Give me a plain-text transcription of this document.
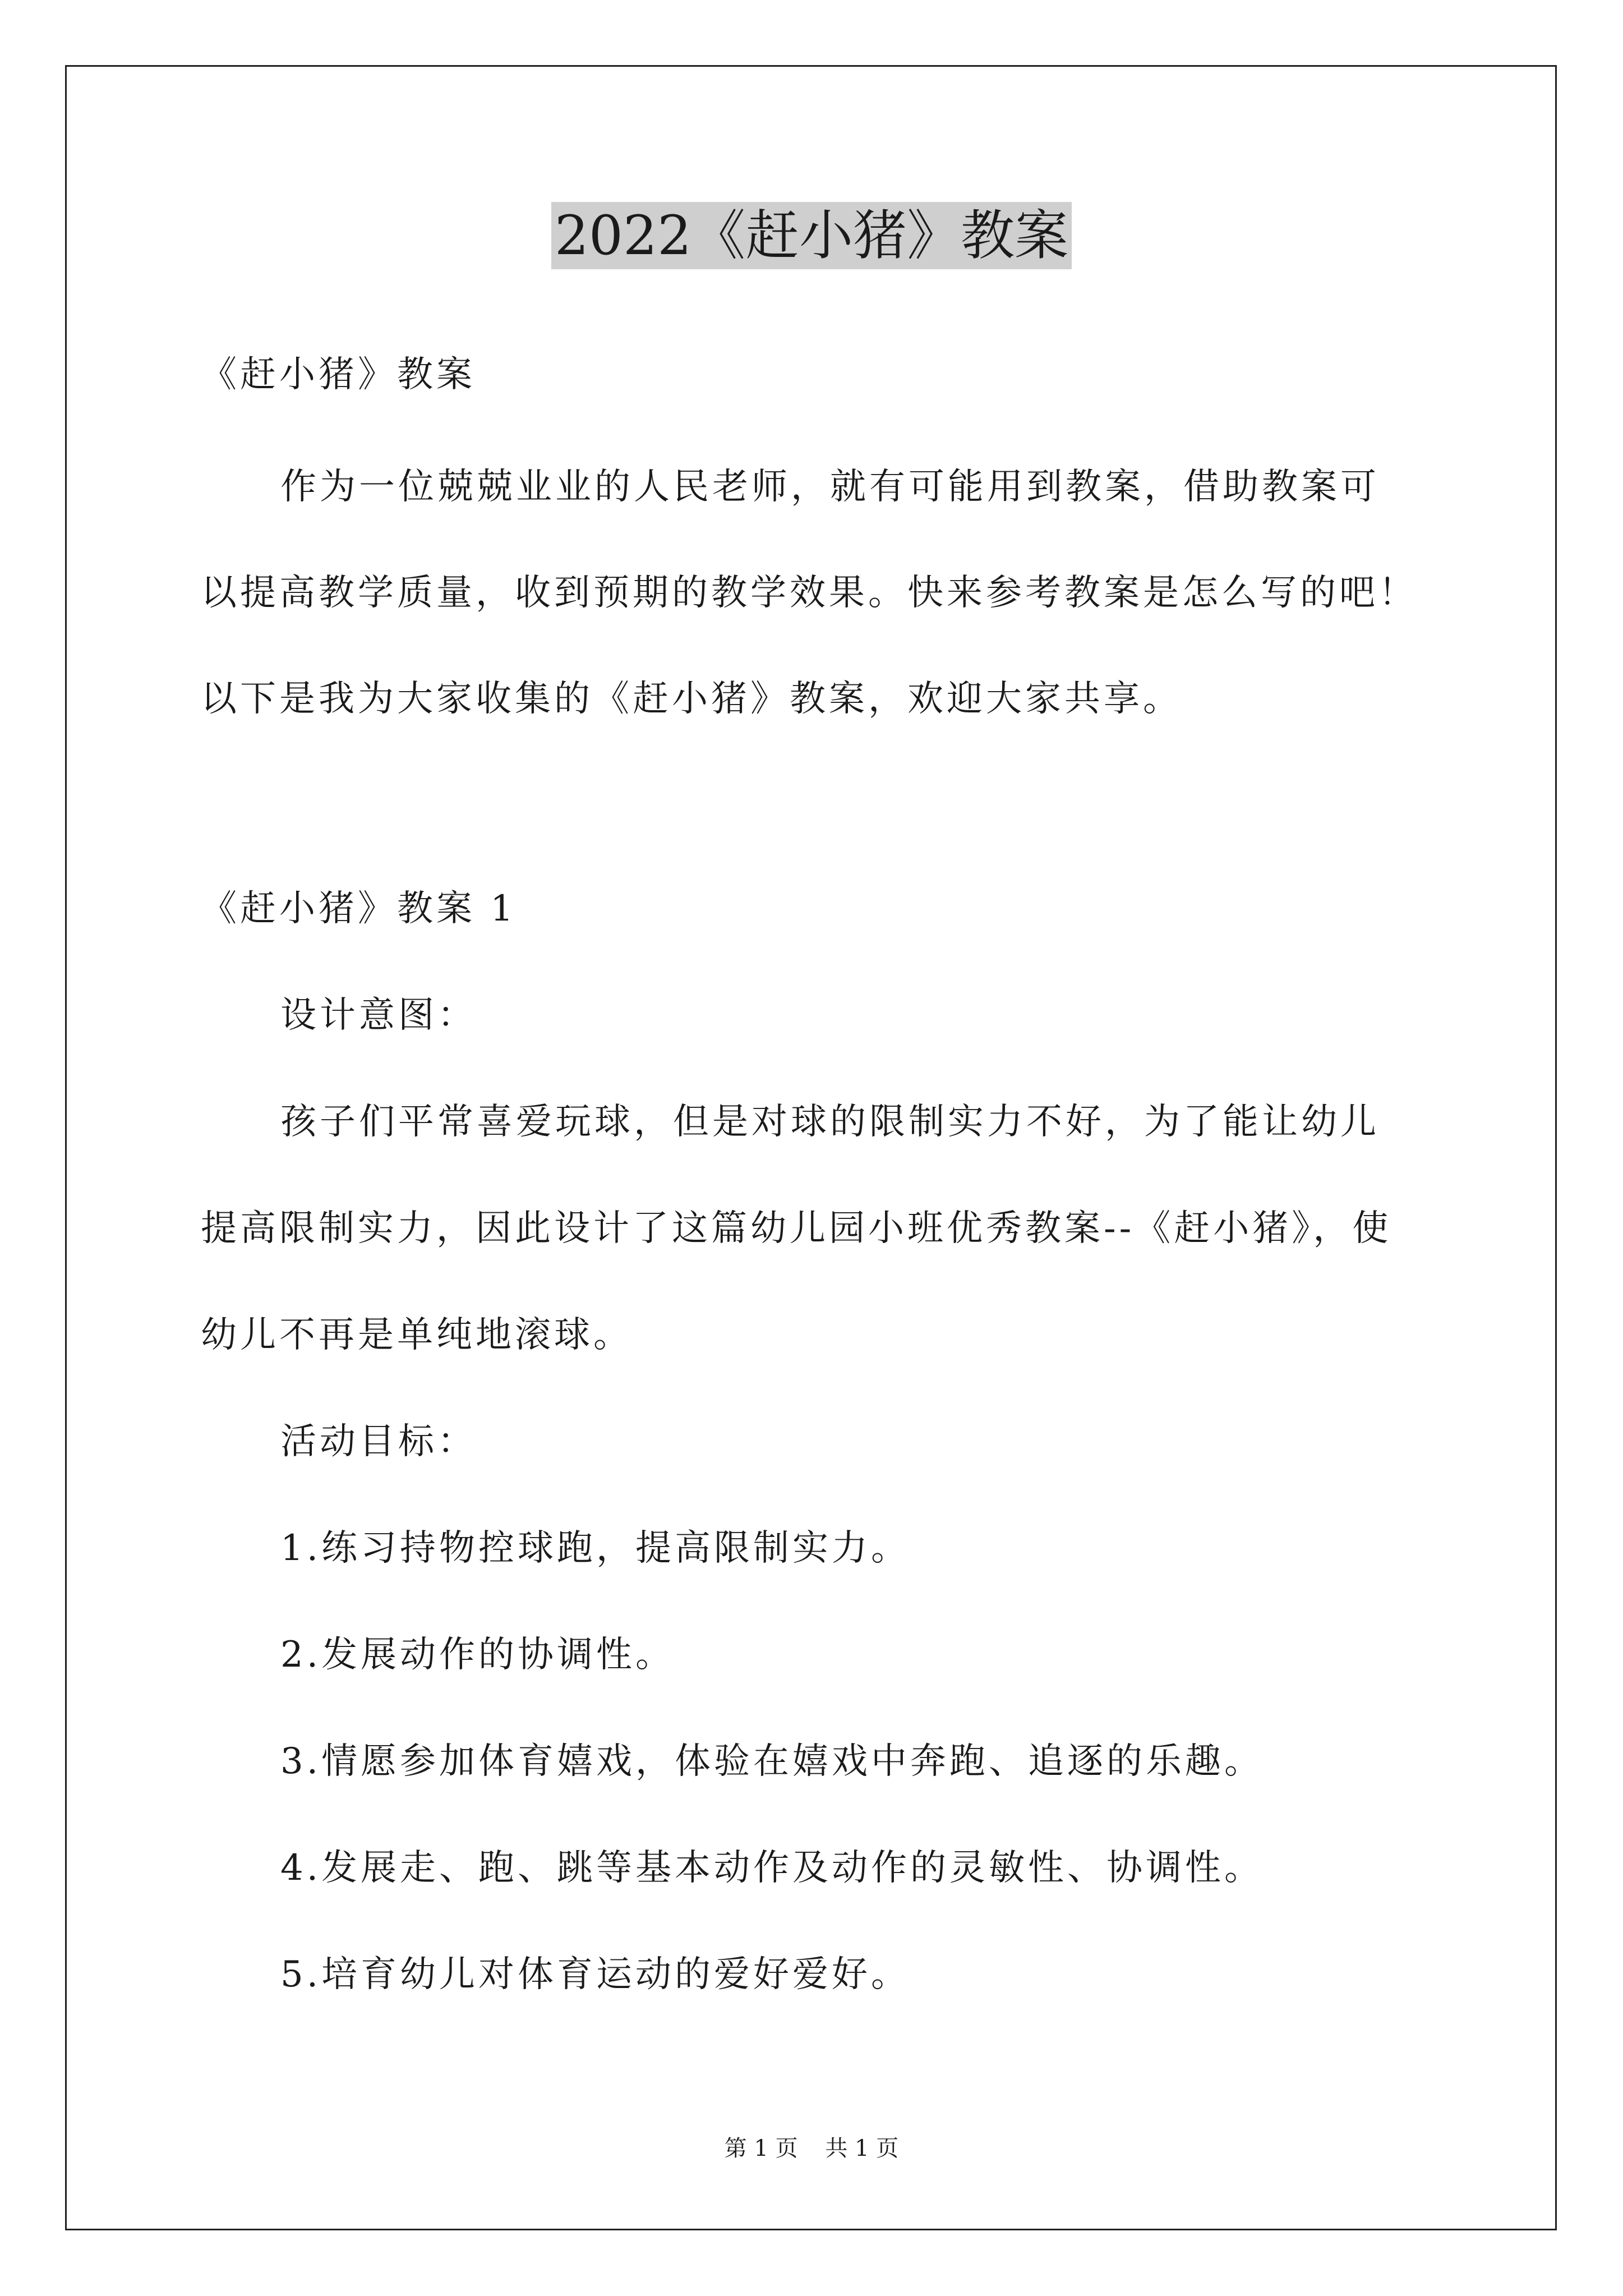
2022《赶小猪》教案

《赶小猪》教案

作为一位兢兢业业的人民老师，就有可能用到教案，借助教案可

以提高教学质量，收到预期的教学效果。快来参考教案是怎么写的吧！

以下是我为大家收集的《赶小猪》教案，欢迎大家共享。

《赶小猪》教案 1

设计意图：

孩子们平常喜爱玩球，但是对球的限制实力不好，为了能让幼儿

提高限制实力，因此设计了这篇幼儿园小班优秀教案--《赶小猪》，使

幼儿不再是单纯地滚球。

活动目标：

1.练习持物控球跑，提高限制实力。

2.发展动作的协调性。

3.情愿参加体育嬉戏，体验在嬉戏中奔跑、追逐的乐趣。

4.发展走、跑、跳等基本动作及动作的灵敏性、协调性。

5.培育幼儿对体育运动的爱好爱好。

第 1 页 共 1 页
